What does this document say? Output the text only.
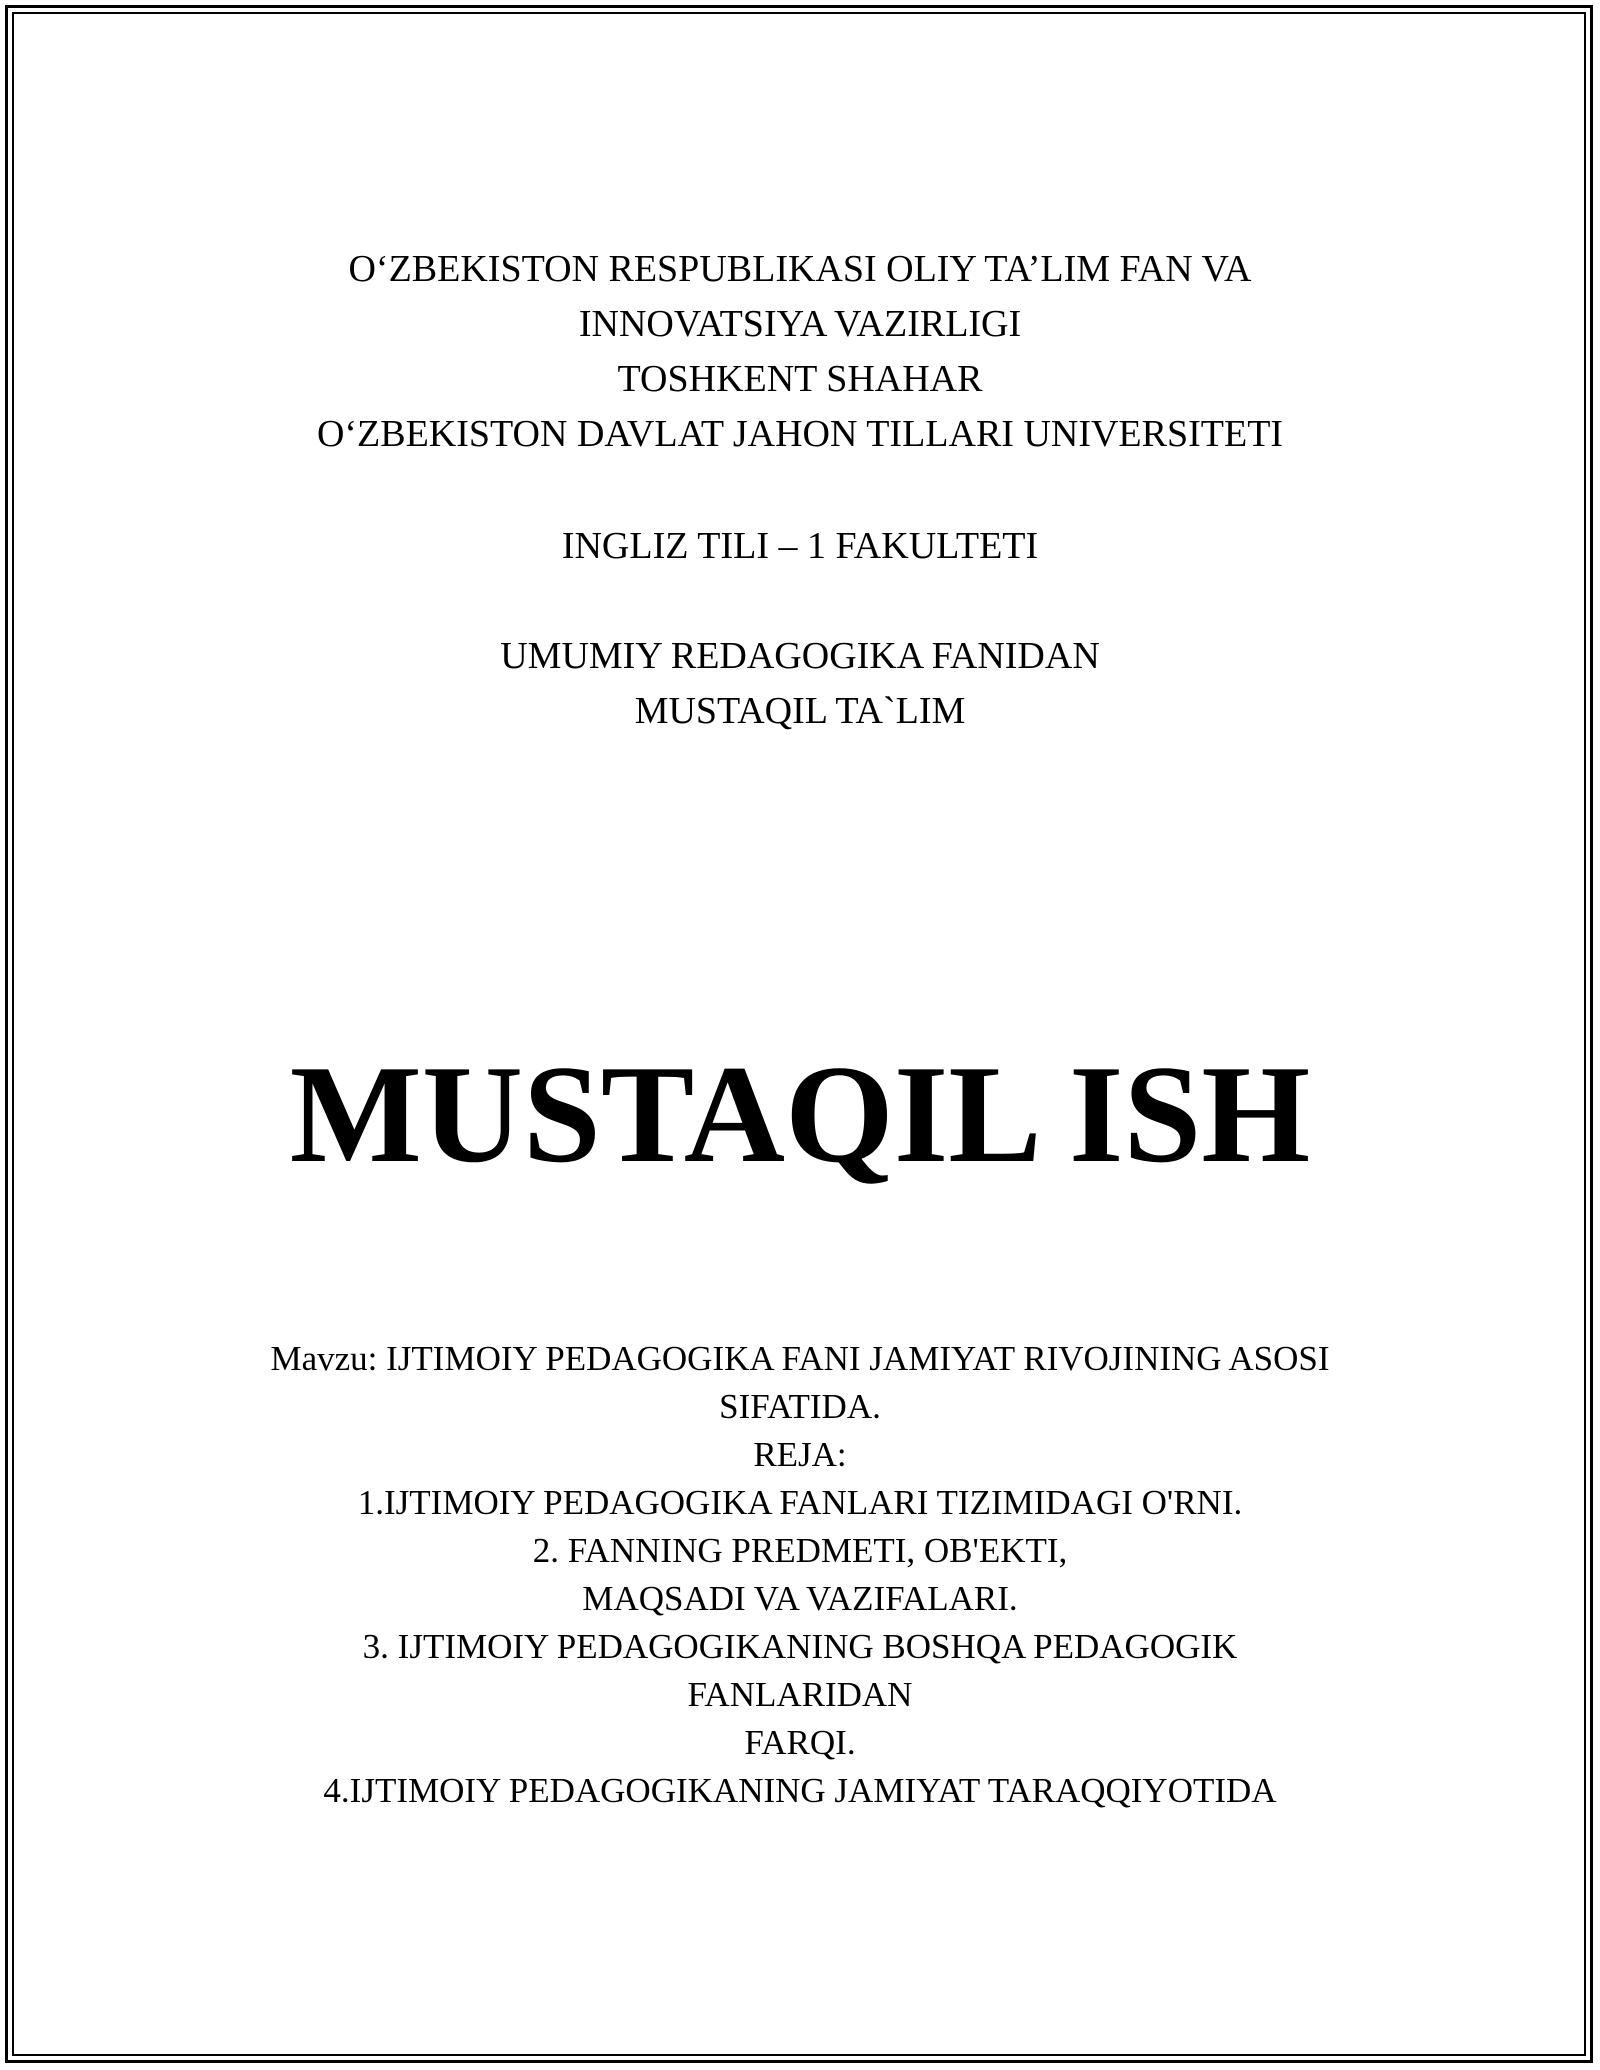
O‘ZBEKISTON RESPUBLIKASI OLIY TA’LIM FAN VA
INNOVATSIYA VAZIRLIGI
TOSHKENT SHAHAR
O‘ZBEKISTON DAVLAT JAHON TILLARI UNIVERSITETI
INGLIZ TILI – 1 FAKULTETI
UMUMIY REDAGOGIKA FANIDAN
MUSTAQIL TA`LIM
MUSTAQIL ISH
Mavzu: IJTIMOIY PEDAGOGIKA FANI JAMIYAT RIVOJINING ASOSI
SIFATIDA.
REJA:
1.IJTIMOIY PEDAGOGIKA FANLARI TIZIMIDAGI O'RNI.
2. FANNING PREDMETI, OB'EKTI,
MAQSADI VA VAZIFALARI.
3. IJTIMOIY PEDAGOGIKANING BOSHQA PEDAGOGIK
FANLARIDAN
FARQI.
4.IJTIMOIY PEDAGOGIKANING JAMIYAT TARAQQIYOTIDA
